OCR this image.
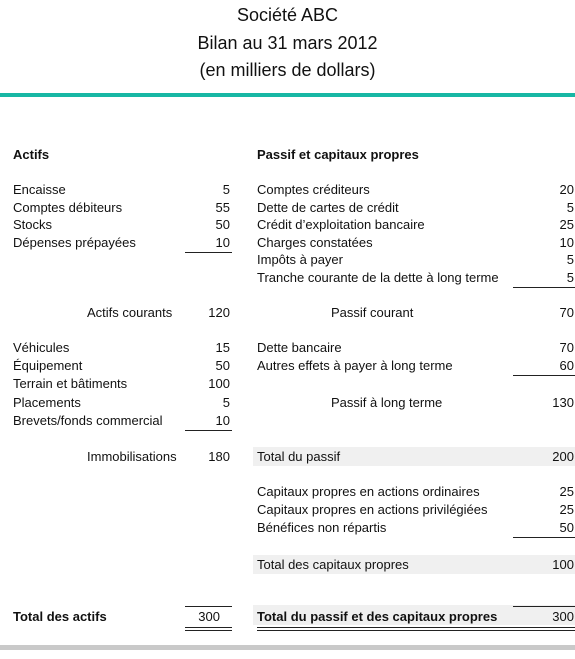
Société ABC
Bilan au 31 mars 2012
(en milliers de dollars)
Actifs
Encaisse	5
Comptes débiteurs	55
Stocks	50
Dépenses prépayées	10
Actifs courants	120
Véhicules	15
Équipement	50
Terrain et bâtiments	100
Placements	5
Brevets/fonds commercial	10
Immobilisations	180
Total des actifs	300
Passif et capitaux propres
Comptes créditeurs	20
Dette de cartes de crédit	5
Crédit d’exploitation bancaire	25
Charges constatées	10
Impôts à payer	5
Tranche courante de la dette à long terme	5
Passif courant	70
Dette bancaire	70
Autres effets à payer à long terme	60
Passif à long terme	130
Total du passif	200
Capitaux propres en actions ordinaires	25
Capitaux propres en actions privilégiées	25
Bénéfices non répartis	50
Total des capitaux propres	100
Total du passif et des capitaux propres	300
